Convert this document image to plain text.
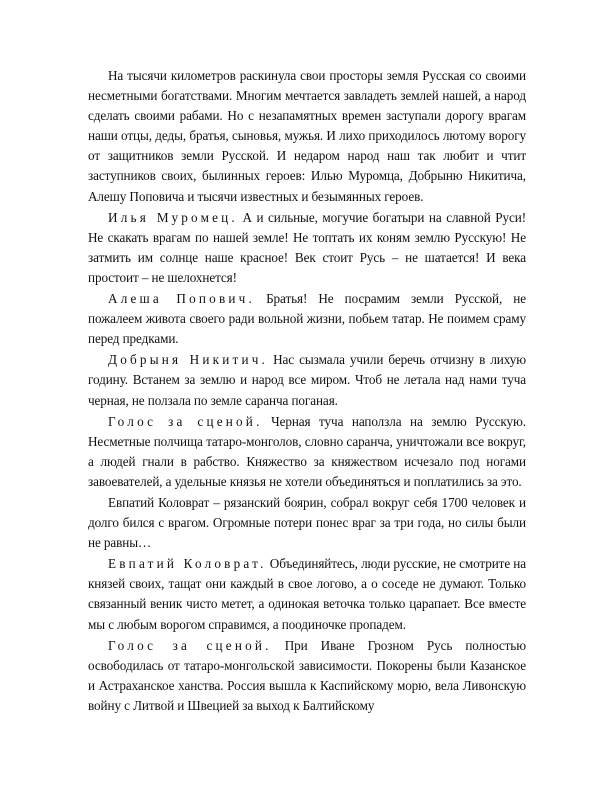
На тысячи километров раскинула свои просторы земля Русская со своими несметными богатствами. Многим мечтается завладеть землей нашей, а народ сделать своими рабами. Но с незапамятных времен заступали дорогу врагам наши отцы, деды, братья, сыновья, мужья. И лихо приходилось лютому ворогу от защитников земли Русской. И недаром народ наш так любит и чтит заступников своих, былинных героев: Илью Муромца, Добрыню Никитича, Алешу Поповича и тысячи известных и безымянных героев.

Илья Муромец. А и сильные, могучие богатыри на славной Руси! Не скакать врагам по нашей земле! Не топтать их коням землю Русскую! Не затмить им солнце наше красное! Век стоит Русь – не шатается! И века простоит – не шелохнется!

Алеша Попович. Братья! Не посрамим земли Русской, не пожалеем живота своего ради вольной жизни, побьем татар. Не поимем сраму перед предками.

Добрыня Никитич. Нас сызмала учили беречь отчизну в лихую годину. Встанем за землю и народ все миром. Чтоб не летала над нами туча черная, не ползала по земле саранча поганая.

Голос за сценой. Черная туча наползла на землю Русскую. Несметные полчища татаро-монголов, словно саранча, уничтожали все вокруг, а людей гнали в рабство. Княжество за княжеством исчезало под ногами завоевателей, а удельные князья не хотели объединяться и поплатились за это.

Евпатий Коловрат – рязанский боярин, собрал вокруг себя 1700 человек и долго бился с врагом. Огромные потери понес враг за три года, но силы были не равны…

Евпатий Коловрат. Объединяйтесь, люди русские, не смотрите на князей своих, тащат они каждый в свое логово, а о соседе не думают. Только связанный веник чисто метет, а одинокая веточка только царапает. Все вместе мы с любым ворогом справимся, а поодиночке пропадем.

Голос за сценой. При Иване Грозном Русь полностью освободилась от татаро-монгольской зависимости. Покорены были Казанское и Астраханское ханства. Россия вышла к Каспийскому морю, вела Ливонскую войну с Литвой и Швецией за выход к Балтийскому
